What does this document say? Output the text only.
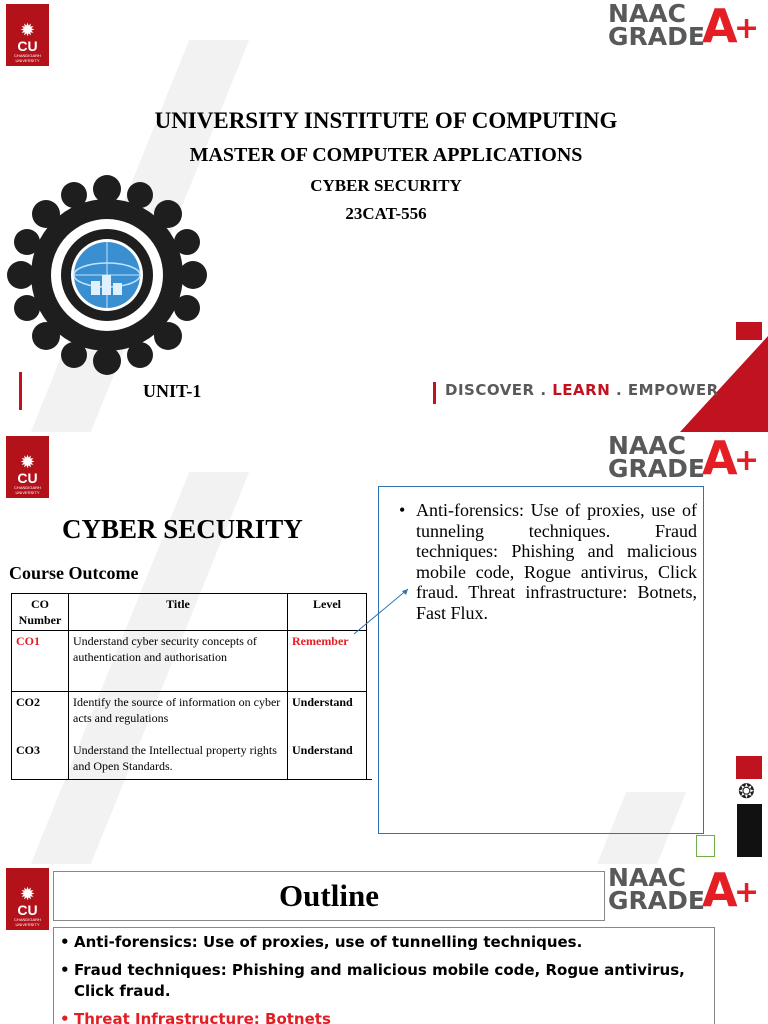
✹
CU
CHANDIGARH UNIVERSITY
NAAC
GRADE
A
+
UNIVERSITY INSTITUTE OF COMPUTING
MASTER OF COMPUTER APPLICATIONS
CYBER SECURITY
23CAT-556
UNIT-1	DISCOVER . LEARN . EMPOWER
✹
CU
CHANDIGARH UNIVERSITY
NAAC
GRADE
A
+
CYBER SECURITY
Course Outcome
CO Number	Title	Level
CO1	Understand cyber security concepts of authentication and authorisation	Remember
CO2	Identify the source of information on cyber acts and regulations	Understand
CO3	Understand the Intellectual property rights and Open Standards.	Understand
• Anti-forensics: Use of proxies, use of tunneling techniques. Fraud techniques: Phishing and malicious mobile code, Rogue antivirus, Click fraud. Threat infrastructure: Botnets, Fast Flux.
❂
✹
CU
CHANDIGARH UNIVERSITY
NAAC
GRADE
A
+
Outline
• Anti-forensics: Use of proxies, use of tunnelling techniques.
• Fraud techniques: Phishing and malicious mobile code, Rogue antivirus, Click fraud.
• Threat Infrastructure: Botnets
